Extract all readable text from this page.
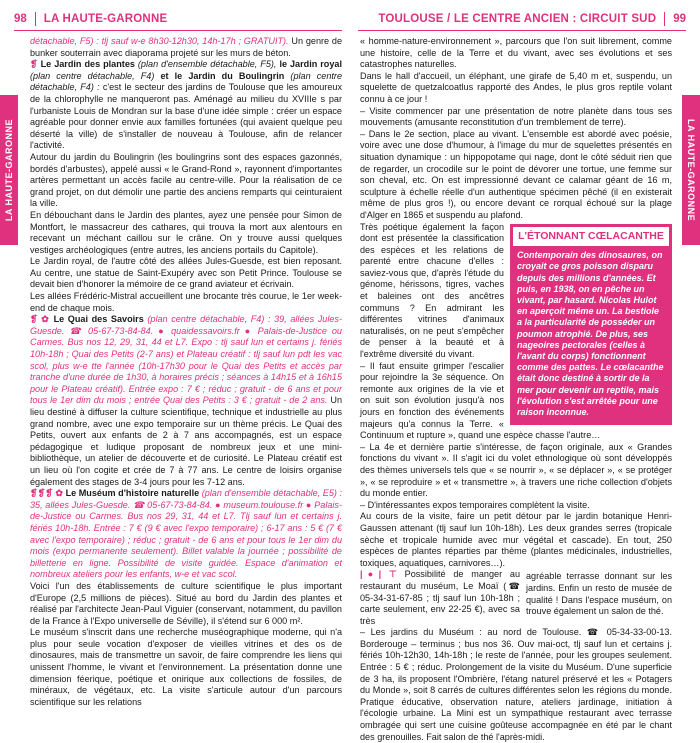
98 LA HAUTE-GARONNE	TOULOUSE / LE CENTRE ANCIEN : CIRCUIT SUD 99
LA HAUTE-GARONNE	LA HAUTE-GARONNE

détachable, F5) : tlj sauf w-e 8h30-12h30, 14h-17h ; GRATUIT). Un genre de bunker souterrain avec diaporama projeté sur les murs de béton.

❡ Le Jardin des plantes (plan d'ensemble détachable, F5), le Jardin royal (plan centre détachable, F4) et le Jardin du Boulingrin (plan centre détachable, F4) : c'est le secteur des jardins de Toulouse que les amoureux de la chlorophylle ne manqueront pas. Aménagé au milieu du XVIIIe s par l'urbaniste Louis de Mondran sur la base d'une idée simple : créer un espace agréable pour donner envie aux familles fortunées (qui avaient quelque peu déserté la ville) de s'installer de nouveau à Toulouse, afin de relancer l'activité.

Autour du jardin du Boulingrin (les boulingrins sont des espaces gazonnés, bordés d'arbustes), appelé aussi « le Grand-Rond », rayonnent d'importantes artères permettant un accès facile au centre-ville. Pour la réalisation de ce grand projet, on dut démolir une partie des anciens remparts qui ceinturaient la ville.

En débouchant dans le Jardin des plantes, ayez une pensée pour Simon de Montfort, le massacreur des cathares, qui trouva la mort aux alentours en recevant un méchant caillou sur le crâne. On y trouve aussi quelques vestiges archéologiques (entre autres, les anciens portails du Capitole).

Le Jardin royal, de l'autre côté des allées Jules-Guesde, est bien reposant. Au centre, une statue de Saint-Exupéry avec son Petit Prince. Toulouse se devait bien d'honorer la mémoire de ce grand aviateur et écrivain.

Les allées Frédéric-Mistral accueillent une brocante très courue, le 1er week-end de chaque mois.

❡ ✿ Le Quai des Savoirs (plan centre détachable, F4) : 39, allées Jules-Guesde. ☎ 05-67-73-84-84. ● quaidessavoirs.fr ● Palais-de-Justice ou Carmes. Bus nos 12, 29, 31, 44 et L7. Expo : tlj sauf lun et certains j. fériés 10h-18h ; Quai des Petits (2-7 ans) et Plateau créatif : tlj sauf lun pdt les vac scol, plus w-e tte l'année (10h-17h30 pour le Quai des Petits et accès par tranche d'une durée de 1h30, à horaires précis ; séances à 14h15 et à 16h15 pour le Plateau créatif). Entrée expo : 7 € ; réduc ; gratuit - de 6 ans et pour tous le 1er dim du mois ; entrée Quai des Petits : 3 € ; gratuit - de 2 ans. Un lieu destiné à diffuser la culture scientifique, technique et industrielle au plus grand nombre, avec une expo temporaire sur un thème précis. Le Quai des Petits, ouvert aux enfants de 2 à 7 ans accompagnés, est un espace pédagogique et ludique proposant de nombreux jeux et une mini-bibliothèque, un atelier de découverte et de curiosité. Le Plateau créatif est un lieu où l'on cogite et crée de 7 à 77 ans. Le centre de loisirs organise également des stages de 3-4 jours pour les 7-12 ans.

❡❡❡ ✿ Le Muséum d'histoire naturelle (plan d'ensemble détachable, E5) : 35, allées Jules-Guesde. ☎ 05-67-73-84-84. ● museum.toulouse.fr ● Palais-de-Justice ou Carmes. Bus nos 29, 31, 44 et L7. Tlj sauf lun et certains j. fériés 10h-18h. Entrée : 7 € (9 € avec l'expo temporaire) ; 6-17 ans : 5 € (7 € avec l'expo temporaire) ; réduc ; gratuit - de 6 ans et pour tous le 1er dim du mois (expo permanente seulement). Billet valable la journée ; possibilité de billetterie en ligne. Possibilité de visite guidée. Espace d'animation et nombreux ateliers pour les enfants, w-e et vac scol.

Voici l'un des établissements de culture scientifique le plus important d'Europe (2,5 millions de pièces). Situé au bord du Jardin des plantes et réalisé par l'architecte Jean-Paul Viguier (conservant, notamment, du pavillon de la France à l'Expo universelle de Séville), il s'étend sur 6 000 m².

Le muséum s'inscrit dans une recherche muséographique moderne, qui n'a plus pour seule vocation d'exposer de vieilles vitrines et des os de dinosaures, mais de transmettre un savoir, de faire comprendre les liens qui unissent l'homme, le vivant et l'environnement. La présentation donne une dimension féerique, poétique et onirique aux collections de fossiles, de minéraux, de végétaux, etc. La visite s'articule autour d'un parcours scientifique sur les relations

« homme-nature-environnement », parcours que l'on suit librement, comme une histoire, celle de la Terre et du vivant, avec ses évolutions et ses catastrophes naturelles.

Dans le hall d'accueil, un éléphant, une girafe de 5,40 m et, suspendu, un squelette de quetzalcoatlus rapporté des Andes, le plus gros reptile volant connu à ce jour !

– Visite commencer par une présentation de notre planète dans tous ses mouvements (amusante reconstitution d'un tremblement de terre).

– Dans le 2e section, place au vivant. L'ensemble est abordé avec poésie, voire avec une dose d'humour, à l'image du mur de squelettes présentés en situation dynamique : un hippopotame qui nage, dont le côté séduit rien que de regarder, un crocodile sur le point de dévorer une tortue, une femme sur son cheval, etc. On est impressionné devant ce calamar géant de 16 m, sculpture à échelle réelle d'un authentique spécimen pêché (il en existerait même de plus gros !), ou encore devant ce rorqual échoué sur la plage d'Alger en 1865 et suspendu au plafond.

L'ÉTONNANT CŒLACANTHE

Contemporain des dinosaures, on croyait ce gros poisson disparu depuis des millions d'années. Et puis, en 1938, on en pêche un vivant, par hasard. Nicolas Hulot en aperçoit même un. La bestiole a la particularité de posséder un poumon atrophié. De plus, ses nageoires pectorales (celles à l'avant du corps) fonctionnent comme des pattes. Le cœlacanthe était donc destiné à sortir de la mer pour devenir un reptile, mais l'évolution s'est arrêtée pour une raison inconnue.

Très poétique également la façon dont est présentée la classification des espèces et les relations de parenté entre chacune d'elles : saviez-vous que, d'après l'étude du génome, hérissons, tigres, vaches et baleines ont des ancêtres communs ? En admirant les différentes vitrines d'animaux naturalisés, on ne peut s'empêcher de penser à la beauté et à l'extrême diversité du vivant.

– Il faut ensuite grimper l'escalier pour rejoindre la 3e séquence. On remonte aux origines de la vie et on suit son évolution jusqu'à nos jours en fonction des événements majeurs qu'a connus la Terre. « Continuum et rupture », quand une espèce chasse l'autre…

– La 4e et dernière partie s'intéresse, de façon originale, aux « Grandes fonctions du vivant ». Il s'agit ici du volet ethnologique où sont développés des thèmes universels tels que « se nourrir », « se déplacer », « se protéger », « se reproduire » et « transmettre », à travers une riche collection d'objets du monde entier.

– D'intéressantes expos temporaires complètent la visite.

Au cours de la visite, faire un petit détour par le jardin botanique Henri-Gaussen attenant (tlj sauf lun 10h-18h). Les deux grandes serres (tropicale sèche et tropicale humide avec mur végétal et cascade). En tout, 250 espèces de plantes réparties par thème (plantes médicinales, industrielles, toxiques, aquatiques, carnivores…).

agréable terrasse donnant sur les jardins. Enfin un resto de musée de qualité ! Dans l'espace muséum, on trouve également un salon de thé.

|●| ⊤ Possibilité de manger au restaurant du muséum, Le Moaï (☎ 05-34-31-67-85 ; tlj sauf lun 10h-18h ; carte seulement, env 22-25 €), avec sa très

– Les jardins du Muséum : au nord de Toulouse. ☎ 05-34-33-00-13. Borderouge – terminus ; bus nos 36. Ouv mai-oct, tlj sauf lun et certains j. fériés 10h-12h30, 14h-18h ; le reste de l'année, pour les groupes seulement. Entrée : 5 € ; réduc. Prolongement de la visite du Muséum. D'une superficie de 3 ha, ils proposent l'Ombrière, l'étang naturel préservé et les « Potagers du Monde », soit 8 carrés de cultures différentes selon les régions du monde. Pratique éducative, observation nature, ateliers jardinage, initiation à l'écologie urbaine. La Mini est un sympathique restaurant avec terrasse ombragée qui sert une cuisine goûteuse accompagnée en été par le chant des grenouilles. Fait salon de thé l'après-midi.
